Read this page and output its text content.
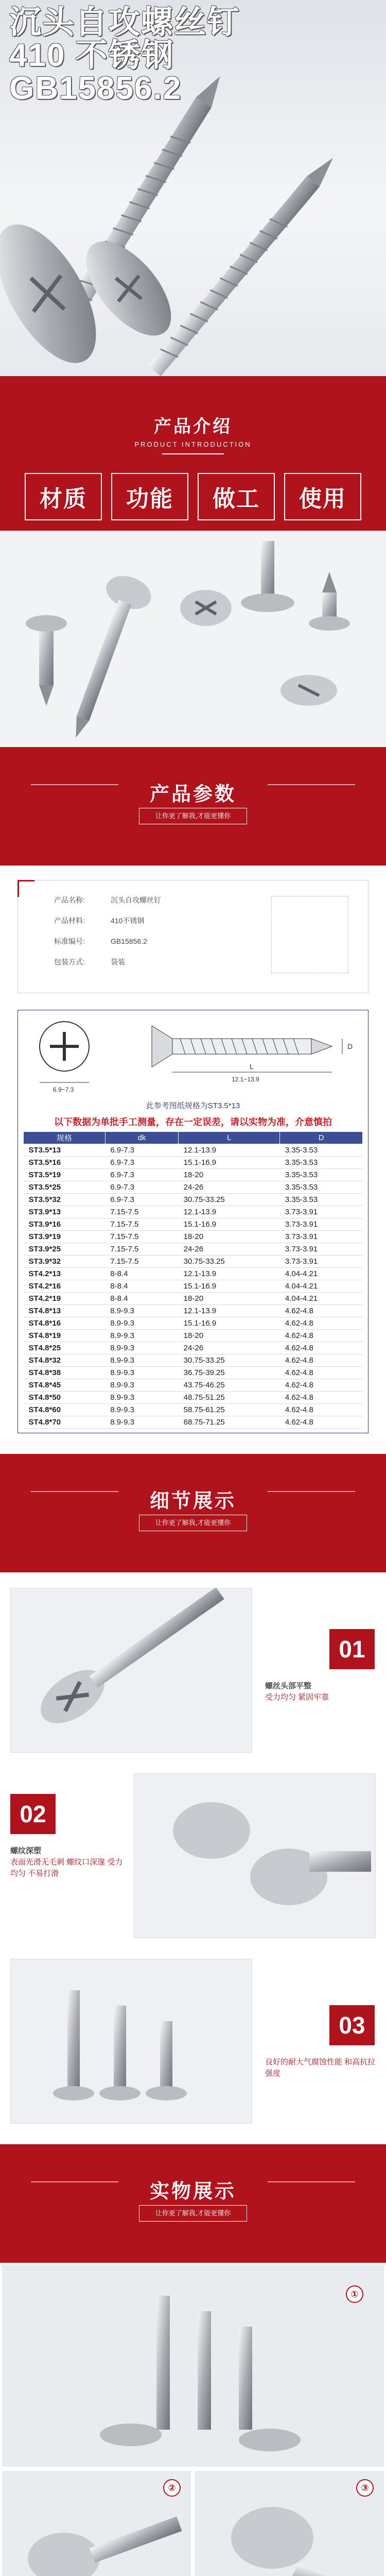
沉头自攻螺丝钉
410 不锈钢
GB15856.2
产品介绍
PRODUCT INTRODUCTION
材质	功能	做工	使用
产品参数
让你更了解我,才能更懂你
产品名称:	沉头自攻螺丝钉
产品材料:	410不锈钢
标准编号:	GB15856.2
包装方式:	袋装
6.9~7.3
L
12.1~13.9
D
此参考图纸规格为ST3.5*13
以下数据为单批手工测量，存在一定误差，请以实物为准，介意慎拍
规格	dk	L	D
ST3.5*13	6.9-7.3	12.1-13.9	3.35-3.53
ST3.5*16	6.9-7.3	15.1-16.9	3.35-3.53
ST3.5*19	6.9-7.3	18-20	3.35-3.53
ST3.5*25	6.9-7.3	24-26	3.35-3.53
ST3.5*32	6.9-7.3	30.75-33.25	3.35-3.53
ST3.9*13	7.15-7.5	12.1-13.9	3.73-3.91
ST3.9*16	7.15-7.5	15.1-16.9	3.73-3.91
ST3.9*19	7.15-7.5	18-20	3.73-3.91
ST3.9*25	7.15-7.5	24-26	3.73-3.91
ST3.9*32	7.15-7.5	30.75-33.25	3.73-3.91
ST4.2*13	8-8.4	12.1-13.9	4.04-4.21
ST4.2*16	8-8.4	15.1-16.9	4.04-4.21
ST4.2*19	8-8.4	18-20	4.04-4.21
ST4.8*13	8.9-9.3	12.1-13.9	4.62-4.8
ST4.8*16	8.9-9.3	15.1-16.9	4.62-4.8
ST4.8*19	8.9-9.3	18-20	4.62-4.8
ST4.8*25	8.9-9.3	24-26	4.62-4.8
ST4.8*32	8.9-9.3	30.75-33.25	4.62-4.8
ST4.8*38	8.9-9.3	36.75-39.25	4.62-4.8
ST4.8*45	8.9-9.3	43.75-46.25	4.62-4.8
ST4.8*50	8.9-9.3	48.75-51.25	4.62-4.8
ST4.8*60	8.9-9.3	58.75-61.25	4.62-4.8
ST4.8*70	8.9-9.3	68.75-71.25	4.62-4.8
细节展示
让你更了解我,才能更懂你
01
螺丝头部平整
受力均匀 紧固牢靠
02
螺纹深塑
表面光滑无毛刺 螺纹口深邃 受力均匀 不易打滑
03
良好的耐大气腐蚀性能 和高抗拉强度
实物展示
让你更了解我,才能更懂你
①
②	③
